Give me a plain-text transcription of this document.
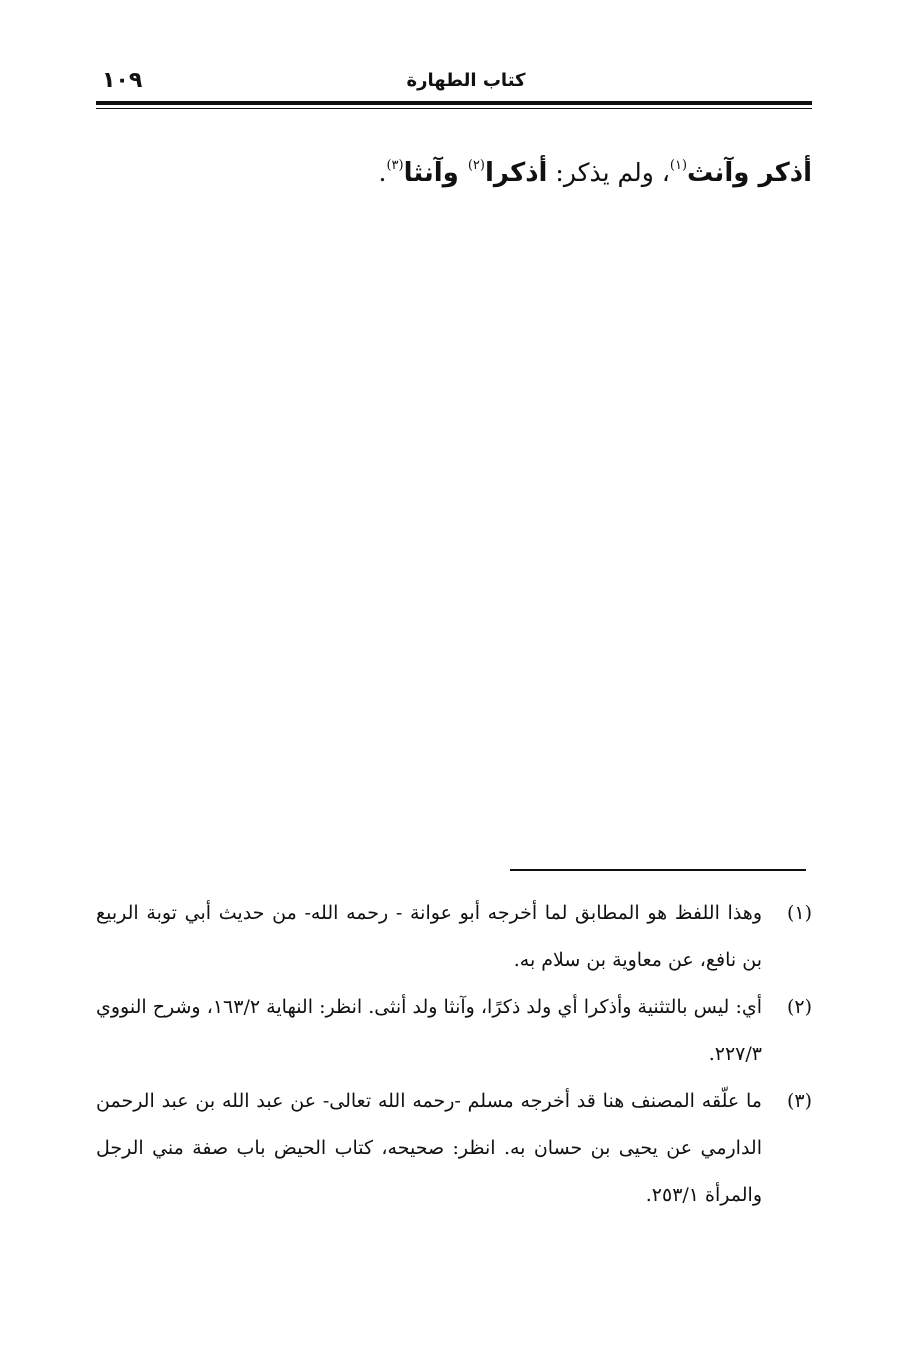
١٠٩	كتاب الطهارة

أذكر وآنث$^{(١)}$، ولم يذكر: أذكرا$^{(٢)}$ وآنثا$^{(٣)}$.

(١)
وهذا اللفظ هو المطابق لما أخرجه أبو عوانة - رحمه الله- من حديث أبي توبة الربيع بن نافع، عن معاوية بن سلام به.

(٢)
أي: ليس بالتثنية وأذكرا أي ولد ذكرًا، وآنثا ولد أنثى. انظر: النهاية ١٦٣/٢، وشرح النووي ٢٢٧/٣.

(٣)
ما علّقه المصنف هنا قد أخرجه مسلم -رحمه الله تعالى- عن عبد الله بن عبد الرحمن الدارمي عن يحيى بن حسان به. انظر: صحيحه، كتاب الحيض باب صفة مني الرجل والمرأة ٢٥٣/١.
